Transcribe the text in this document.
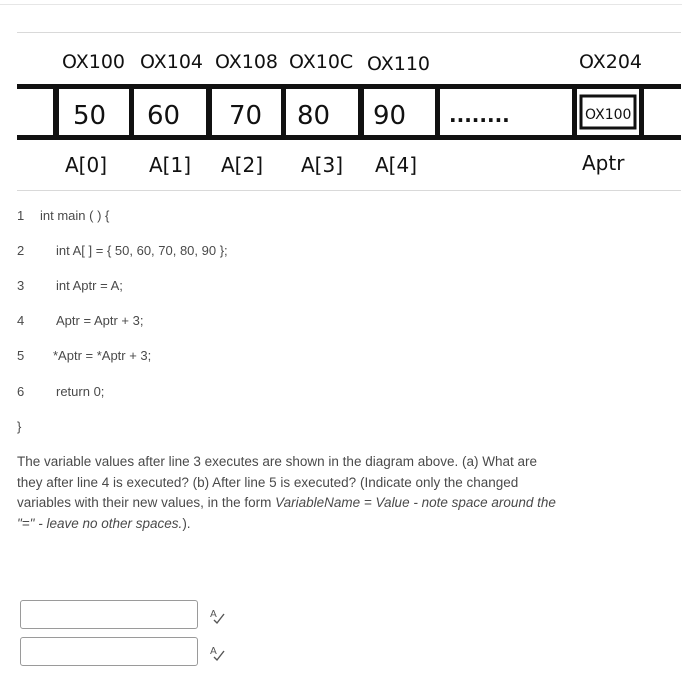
OX100 OX104 OX108 OX10C OX110	OX204
50 60 70 80 90 ........	OX100
A[0] A[1] A[2] A[3] A[4]	Aptr
1	int main ( ) {
2	int A[ ] = { 50, 60, 70, 80, 90 };
3	int Aptr = A;
4	Aptr = Aptr + 3;
5	*Aptr = *Aptr + 3;
6	return 0;
}
The variable values after line 3 executes are shown in the diagram above. (a) What are they after line 4 is executed? (b) After line 5 is executed? (Indicate only the changed variables with their new values, in the form VariableName = Value - note space around the "=" - leave no other spaces.).
A
A
